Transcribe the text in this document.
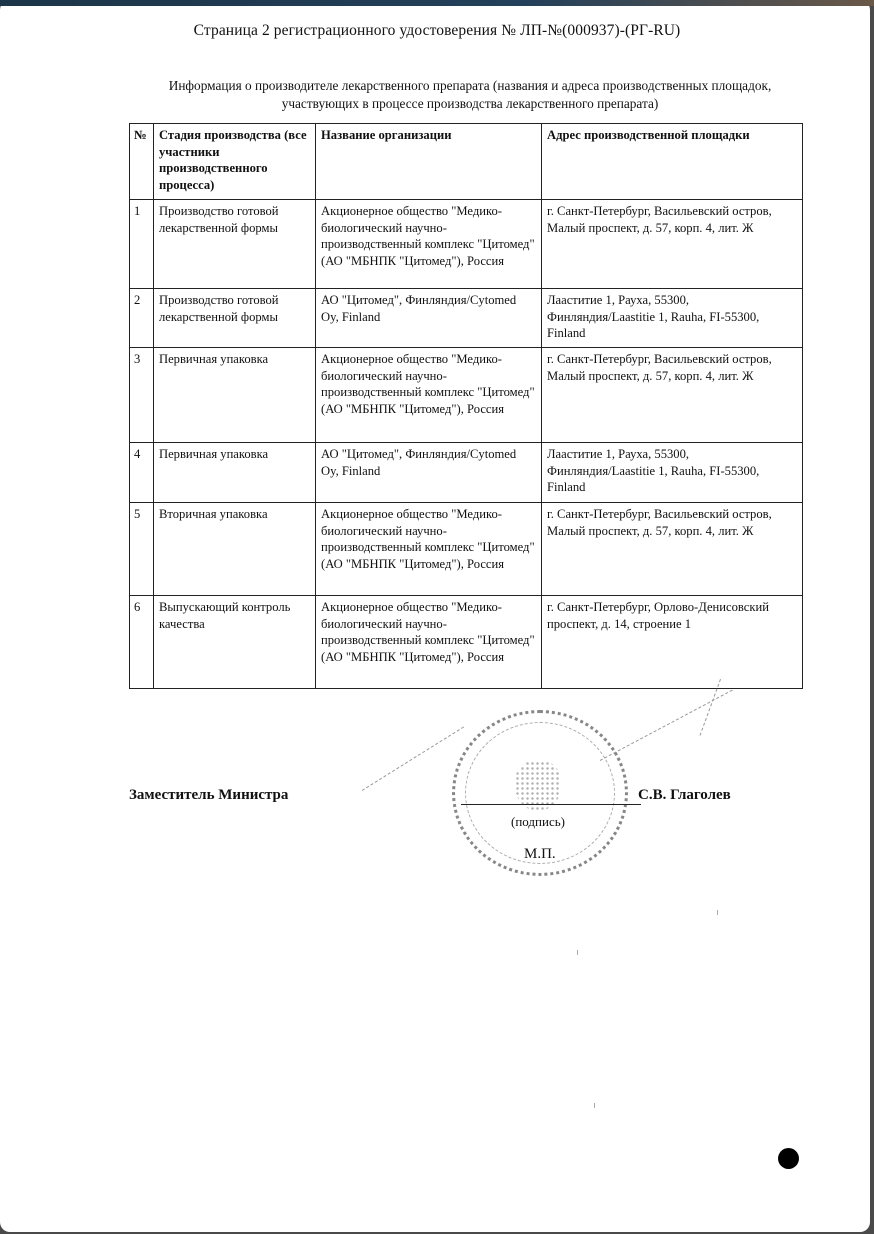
Страница 2 регистрационного удостоверения № ЛП-№(000937)-(РГ-RU)
Информация о производителе лекарственного препарата (названия и адреса производственных площадок,
участвующих в процессе производства лекарственного препарата)
№	Стадия производства (все участники производственного процесса)	Название организации	Адрес производственной площадки
1	Производство готовой лекарственной формы	Акционерное общество "Медико-биологический научно-производственный комплекс "Цитомед" (АО "МБНПК "Цитомед"), Россия	г. Санкт-Петербург, Васильевский остров, Малый проспект, д. 57, корп. 4, лит. Ж
2	Производство готовой лекарственной формы	АО "Цитомед", Финляндия/Cytomed Oy, Finland	Лааститие 1, Рауха, 55300, Финляндия/Laastitie 1, Rauha, FI-55300, Finland
3	Первичная упаковка	Акционерное общество "Медико-биологический научно-производственный комплекс "Цитомед" (АО "МБНПК "Цитомед"), Россия	г. Санкт-Петербург, Васильевский остров, Малый проспект, д. 57, корп. 4, лит. Ж
4	Первичная упаковка	АО "Цитомед", Финляндия/Cytomed Oy, Finland	Лааститие 1, Рауха, 55300, Финляндия/Laastitie 1, Rauha, FI-55300, Finland
5	Вторичная упаковка	Акционерное общество "Медико-биологический научно-производственный комплекс "Цитомед" (АО "МБНПК "Цитомед"), Россия	г. Санкт-Петербург, Васильевский остров, Малый проспект, д. 57, корп. 4, лит. Ж
6	Выпускающий контроль качества	Акционерное общество "Медико-биологический научно-производственный комплекс "Цитомед" (АО "МБНПК "Цитомед"), Россия	г. Санкт-Петербург, Орлово-Денисовский проспект, д. 14, строение 1
Заместитель Министра	С.В. Глаголев
(подпись)
М.П.
